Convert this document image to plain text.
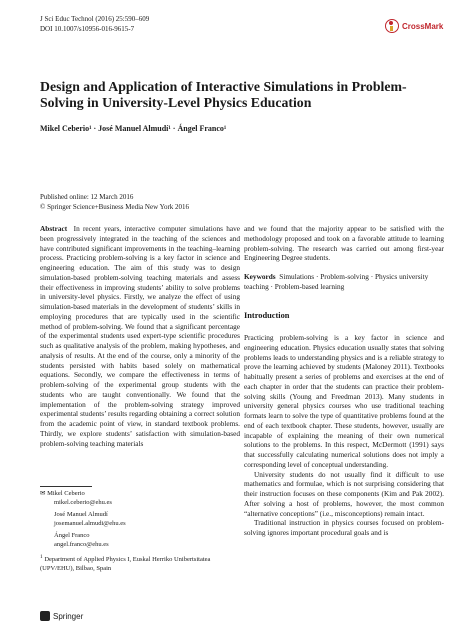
J Sci Educ Technol (2016) 25:590–609
DOI 10.1007/s10956-016-9615-7	CrossMark
Design and Application of Interactive Simulations in Problem-Solving in University-Level Physics Education
Mikel Ceberio¹ · José Manuel Almudí¹ · Ángel Franco¹
Published online: 12 March 2016
© Springer Science+Business Media New York 2016
Abstract In recent years, interactive computer simulations have been progressively integrated in the teaching of the sciences and have contributed significant improvements in the teaching–learning process. Practicing problem-solving is a key factor in science and engineering education. The aim of this study was to design simulation-based problem-solving teaching materials and assess their effectiveness in improving students’ ability to solve problems in university-level physics. Firstly, we analyze the effect of using simulation-based materials in the development of students’ skills in employing procedures that are typically used in the scientific method of problem-solving. We found that a significant percentage of the experimental students used expert-type scientific procedures such as qualitative analysis of the problem, making hypotheses, and analysis of results. At the end of the course, only a minority of the students persisted with habits based solely on mathematical equations. Secondly, we compare the effectiveness in terms of problem-solving of the experimental group students with the students who are taught conventionally. We found that the implementation of the problem-solving strategy improved experimental students’ results regarding obtaining a correct solution from the academic point of view, in standard textbook problems. Thirdly, we explore students’ satisfaction with simulation-based problem-solving teaching materials
and we found that the majority appear to be satisfied with the methodology proposed and took on a favorable attitude to learning problem-solving. The research was carried out among first-year Engineering Degree students.
Keywords Simulations · Problem-solving · Physics university teaching · Problem-based learning
Introduction
Practicing problem-solving is a key factor in science and engineering education. Physics education usually states that solving problems leads to understanding physics and is a reliable strategy to prove the learning achieved by students (Maloney 2011). Textbooks habitually present a series of problems and exercises at the end of each chapter in order that the students can practice their problem-solving skills (Young and Freedman 2013). Many students in university general physics courses who use traditional teaching formats learn to solve the type of quantitative problems found at the end of each textbook chapter. These students, however, usually are incapable of explaining the meaning of their own numerical solutions to the problems. In this respect, McDermott (1991) says that successfully calculating numerical solutions does not imply a corresponding level of conceptual understanding.
University students do not usually find it difficult to use mathematics and formulae, which is not surprising considering that their instruction focuses on these components (Kim and Pak 2002). After solving a host of problems, however, the most common “alternative conceptions” (i.e., misconceptions) remain intact.
Traditional instruction in physics courses focused on problem-solving ignores important procedural goals and is
✉ Mikel Ceberio
mikel.ceberio@ehu.es
José Manuel Almudí
josemanuel.almudi@ehu.es
Ángel Franco
angel.franco@ehu.es
$^1$ Department of Applied Physics I, Euskal Herriko Unibertsitatea (UPV/EHU), Bilbao, Spain
Springer
